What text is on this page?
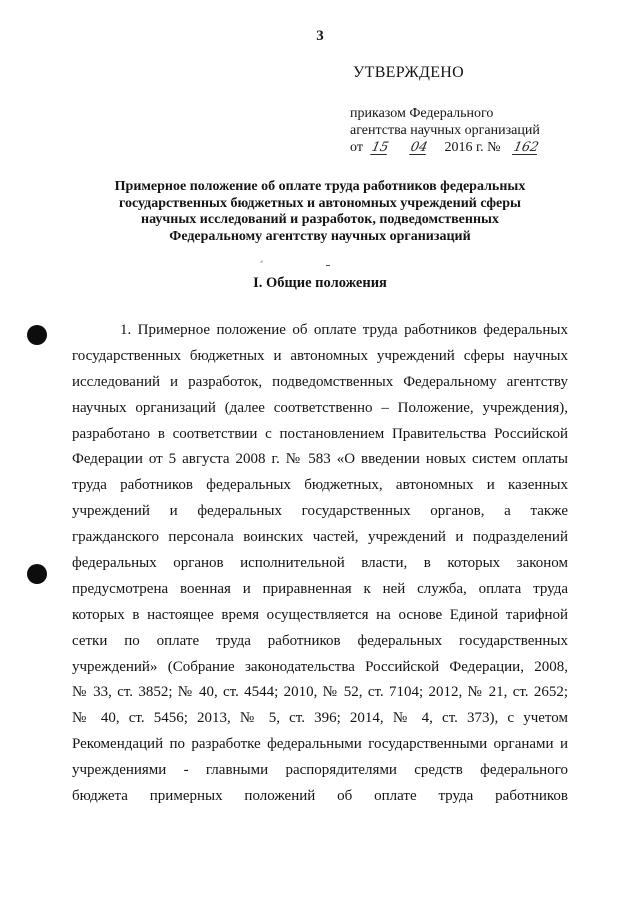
3
УТВЕРЖДЕНО
приказом Федерального
агентства научных организаций
от 15 04 2016 г. № 162
Примерное положение об оплате труда работников федеральных
государственных бюджетных и автономных учреждений сферы
научных исследований и разработок, подведомственных
Федеральному агентству научных организаций
,
I. Общие положения
1. Примерное положение об оплате труда работников федеральных
государственных бюджетных и автономных учреждений сферы научных
исследований и разработок, подведомственных Федеральному агентству
научных организаций (далее соответственно – Положение, учреждения),
разработано в соответствии с постановлением Правительства Российской
Федерации от 5 августа 2008 г. № 583 «О введении новых систем оплаты
труда работников федеральных бюджетных, автономных и казенных
учреждений и федеральных государственных органов, а также
гражданского персонала воинских частей, учреждений и подразделений
федеральных органов исполнительной власти, в которых законом
предусмотрена военная и приравненная к ней служба, оплата труда
которых в настоящее время осуществляется на основе Единой тарифной
сетки по оплате труда работников федеральных государственных
учреждений» (Собрание законодательства Российской Федерации, 2008,
№ 33, ст. 3852; № 40, ст. 4544; 2010, № 52, ст. 7104; 2012, № 21, ст. 2652;
№ 40, ст. 5456; 2013, № 5, ст. 396; 2014, № 4, ст. 373), с учетом
Рекомендаций по разработке федеральными государственными органами и
учреждениями - главными распорядителями средств федерального
бюджета примерных положений об оплате труда работников
